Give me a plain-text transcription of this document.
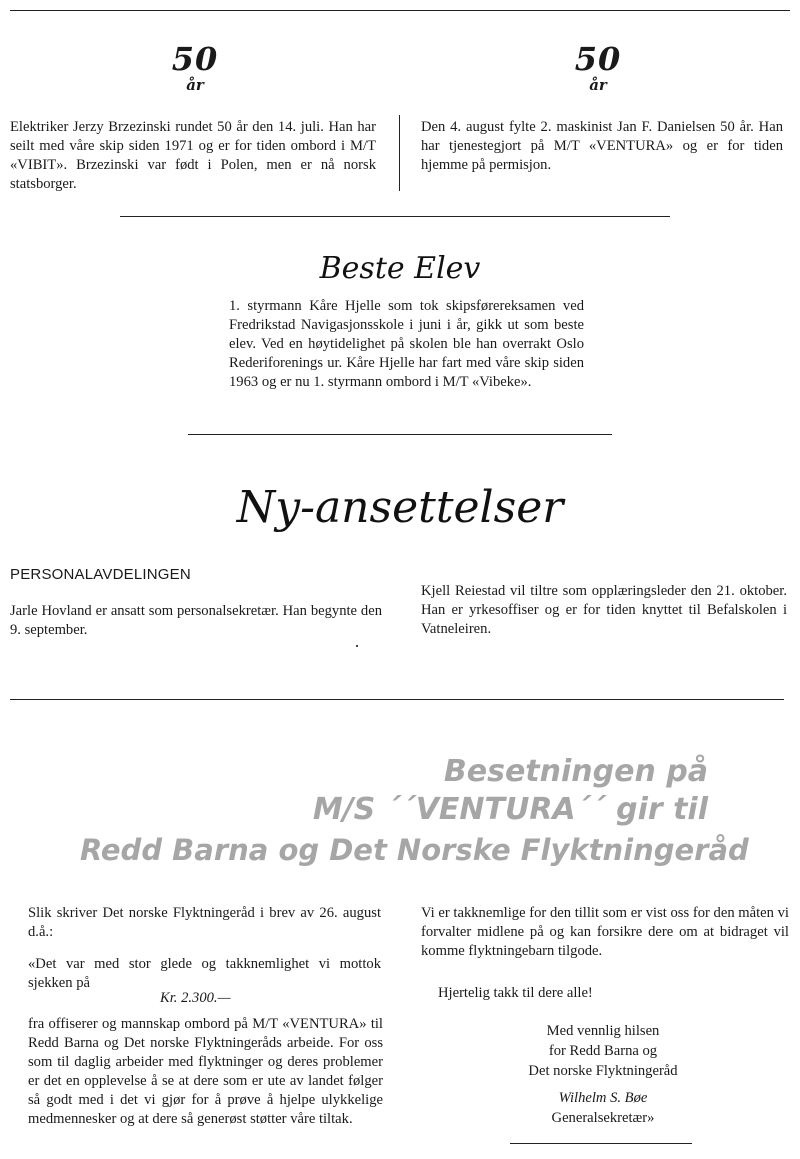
50
år
Elektriker Jerzy Brzezinski rundet 50 år den 14. juli. Han har seilt med våre skip siden 1971 og er for tiden ombord i M/T «VIBIT». Brzezinski var født i Polen, men er nå norsk statsborger.
50
år
Den 4. august fylte 2. maskinist Jan F. Danielsen 50 år. Han har tjenestegjort på M/T «VENTURA» og er for tiden hjemme på permisjon.
Beste Elev
1. styrmann Kåre Hjelle som tok skipsførereksamen ved Fredrikstad Navigasjonsskole i juni i år, gikk ut som beste elev. Ved en høytidelighet på skolen ble han overrakt Oslo Rederiforenings ur. Kåre Hjelle har fart med våre skip siden 1963 og er nu 1. styrmann ombord i M/T «Vibeke».
Ny-ansettelser
PERSONALAVDELINGEN
Jarle Hovland er ansatt som personalsekretær. Han begynte den 9. september.
Kjell Reiestad vil tiltre som opplæringsleder den 21. oktober. Han er yrkesoffiser og er for tiden knyttet til Befalskolen i Vatneleiren.
Besetningen på
M/S ´´VENTURA´´ gir til
Redd Barna og Det Norske Flyktningeråd
Slik skriver Det norske Flyktningeråd i brev av 26. august d.å.:
«Det var med stor glede og takknemlighet vi mottok sjekken på
Kr. 2.300.—
fra offiserer og mannskap ombord på M/T «VENTURA» til Redd Barna og Det norske Flyktningeråds arbeide. For oss som til daglig arbeider med flyktninger og deres problemer er det en opplevelse å se at dere som er ute av landet følger så godt med i det vi gjør for å prøve å hjelpe ulykkelige medmennesker og at dere så generøst støtter våre tiltak.
Vi er takknemlige for den tillit som er vist oss for den måten vi forvalter midlene på og kan forsikre dere om at bidraget vil komme flyktningebarn tilgode.
Hjertelig takk til dere alle!
Med vennlig hilsen
for Redd Barna og
Det norske Flyktningeråd
Wilhelm S. Bøe
Generalsekretær»
